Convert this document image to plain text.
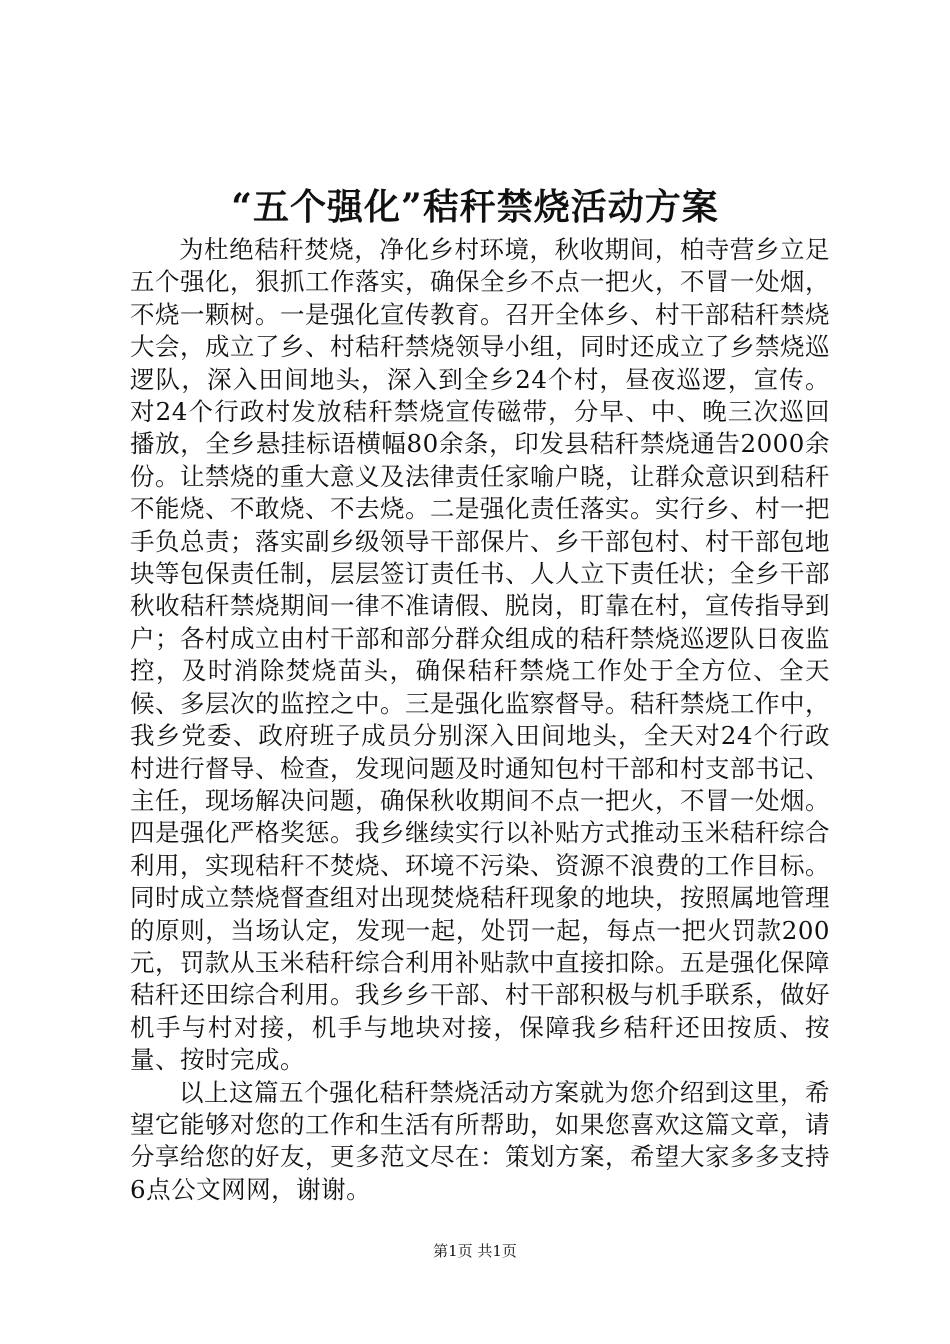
“五个强化”秸秆禁烧活动方案

为杜绝秸秆焚烧，净化乡村环境，秋收期间，柏寺营乡立足五个强化，狠抓工作落实，确保全乡不点一把火，不冒一处烟，不烧一颗树。一是强化宣传教育。召开全体乡、村干部秸秆禁烧大会，成立了乡、村秸秆禁烧领导小组，同时还成立了乡禁烧巡逻队，深入田间地头，深入到全乡24个村，昼夜巡逻，宣传。对24个行政村发放秸秆禁烧宣传磁带，分早、中、晚三次巡回播放，全乡悬挂标语横幅80余条，印发县秸秆禁烧通告2000余份。让禁烧的重大意义及法律责任家喻户晓，让群众意识到秸秆不能烧、不敢烧、不去烧。二是强化责任落实。实行乡、村一把手负总责；落实副乡级领导干部保片、乡干部包村、村干部包地块等包保责任制，层层签订责任书、人人立下责任状；全乡干部秋收秸秆禁烧期间一律不准请假、脱岗，盯靠在村，宣传指导到户；各村成立由村干部和部分群众组成的秸秆禁烧巡逻队日夜监控，及时消除焚烧苗头，确保秸秆禁烧工作处于全方位、全天候、多层次的监控之中。三是强化监察督导。秸秆禁烧工作中，我乡党委、政府班子成员分别深入田间地头，全天对24个行政村进行督导、检查，发现问题及时通知包村干部和村支部书记、主任，现场解决问题，确保秋收期间不点一把火，不冒一处烟。四是强化严格奖惩。我乡继续实行以补贴方式推动玉米秸秆综合利用，实现秸秆不焚烧、环境不污染、资源不浪费的工作目标。同时成立禁烧督查组对出现焚烧秸秆现象的地块，按照属地管理的原则，当场认定，发现一起，处罚一起，每点一把火罚款200元，罚款从玉米秸秆综合利用补贴款中直接扣除。五是强化保障秸秆还田综合利用。我乡乡干部、村干部积极与机手联系，做好机手与村对接，机手与地块对接，保障我乡秸秆还田按质、按量、按时完成。

以上这篇五个强化秸秆禁烧活动方案就为您介绍到这里，希望它能够对您的工作和生活有所帮助，如果您喜欢这篇文章，请分享给您的好友，更多范文尽在：策划方案，希望大家多多支持6点公文网网，谢谢。

第1页 共1页
